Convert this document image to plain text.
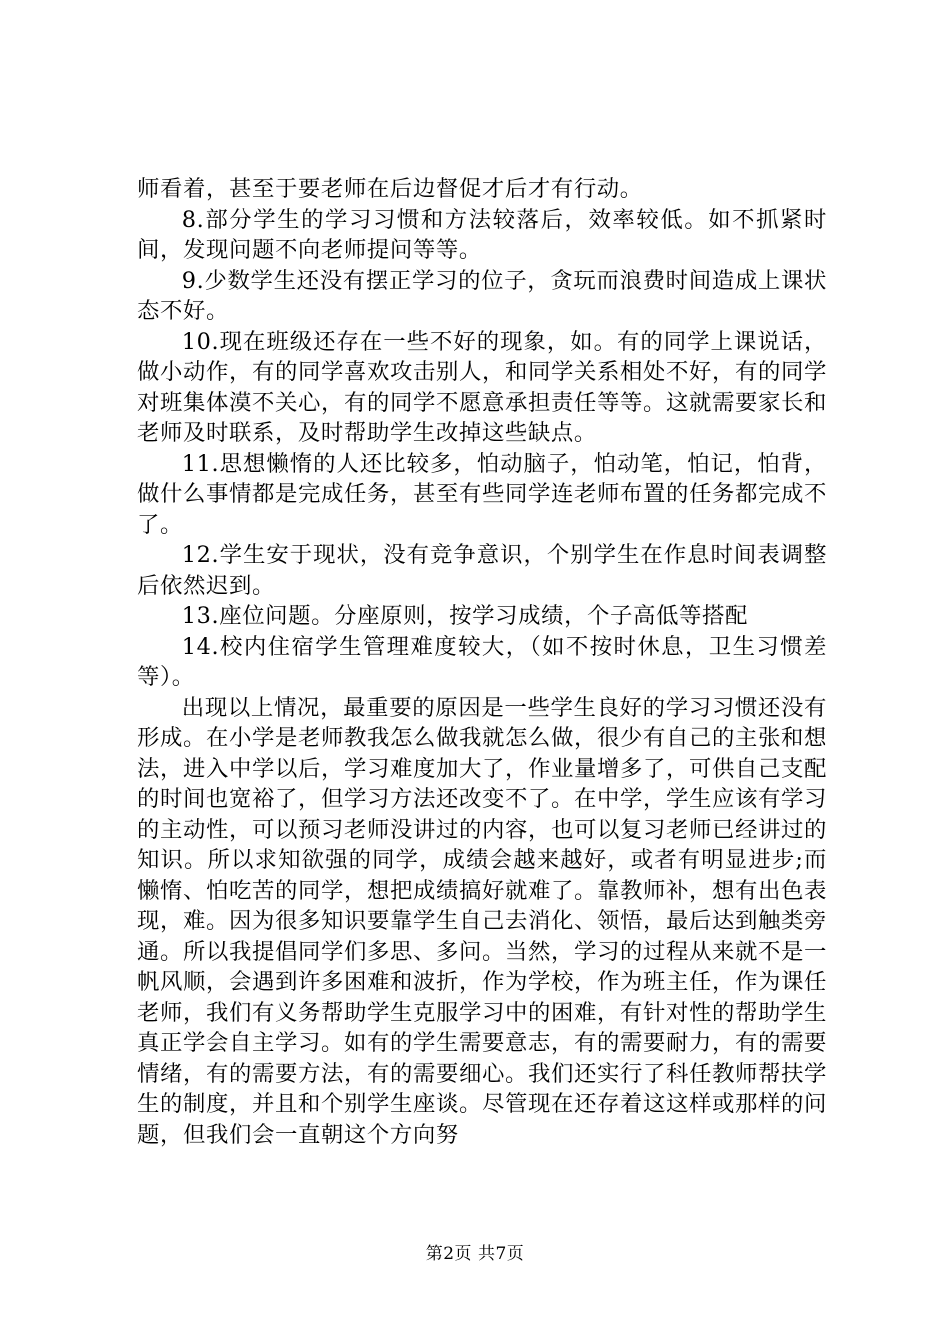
师看着，甚至于要老师在后边督促才后才有行动。

8.部分学生的学习习惯和方法较落后，效率较低。如不抓紧时间，发现问题不向老师提问等等。

9.少数学生还没有摆正学习的位子，贪玩而浪费时间造成上课状态不好。

10.现在班级还存在一些不好的现象，如。有的同学上课说话，做小动作，有的同学喜欢攻击别人，和同学关系相处不好，有的同学对班集体漠不关心，有的同学不愿意承担责任等等。这就需要家长和老师及时联系，及时帮助学生改掉这些缺点。

11.思想懒惰的人还比较多，怕动脑子，怕动笔，怕记，怕背，做什么事情都是完成任务，甚至有些同学连老师布置的任务都完成不了。

12.学生安于现状，没有竞争意识，个别学生在作息时间表调整后依然迟到。

13.座位问题。分座原则，按学习成绩，个子高低等搭配

14.校内住宿学生管理难度较大，（如不按时休息，卫生习惯差等）。

出现以上情况，最重要的原因是一些学生良好的学习习惯还没有形成。在小学是老师教我怎么做我就怎么做，很少有自己的主张和想法，进入中学以后，学习难度加大了，作业量增多了，可供自己支配的时间也宽裕了，但学习方法还改变不了。在中学，学生应该有学习的主动性，可以预习老师没讲过的内容，也可以复习老师已经讲过的知识。所以求知欲强的同学，成绩会越来越好，或者有明显进步;而懒惰、怕吃苦的同学，想把成绩搞好就难了。靠教师补，想有出色表现，难。因为很多知识要靠学生自己去消化、领悟，最后达到触类旁通。所以我提倡同学们多思、多问。当然，学习的过程从来就不是一帆风顺，会遇到许多困难和波折，作为学校，作为班主任，作为课任老师，我们有义务帮助学生克服学习中的困难，有针对性的帮助学生真正学会自主学习。如有的学生需要意志，有的需要耐力，有的需要情绪，有的需要方法，有的需要细心。我们还实行了科任教师帮扶学生的制度，并且和个别学生座谈。尽管现在还存着这这样或那样的问题，但我们会一直朝这个方向努

第2页 共7页
